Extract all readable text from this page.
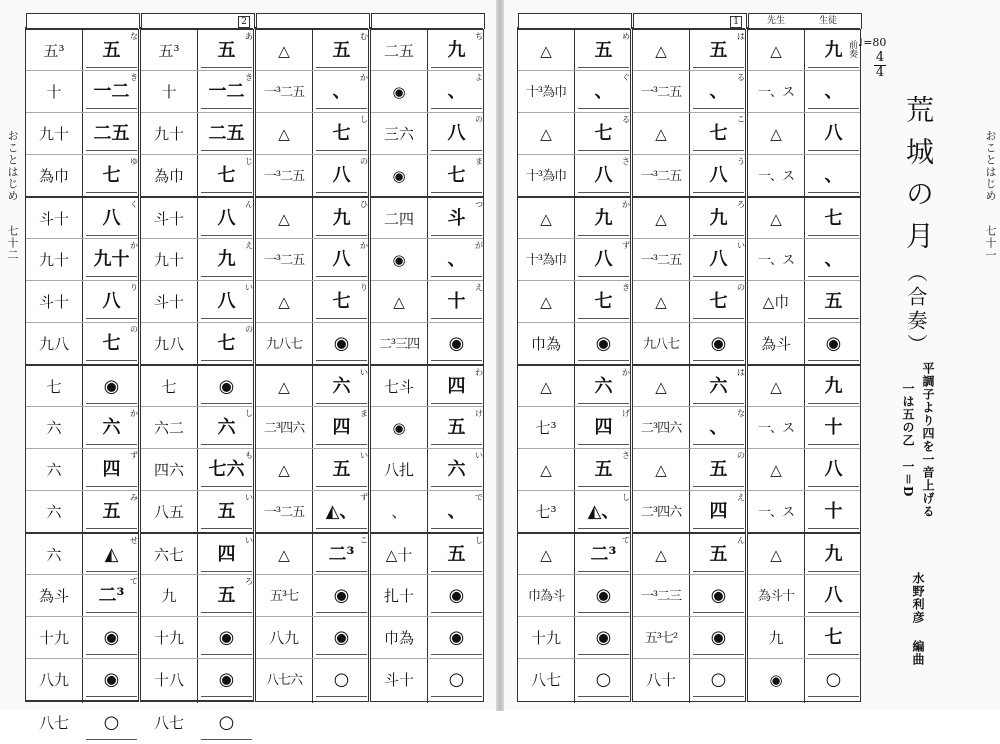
おことはじめ
七十二
おことはじめ
七十一
五³	五
な
十	一二
き
九十	二五
為巾	七
ゆ
斗十	八
く
九十	九十
か
斗十	八
り
九八	七
の
七	◉
六	六
か
六	四
ず
六	五
み
六	◭
せ
為斗	二³
て
十九	◉
八九	◉
八七	○
2
五³	五
あ
十	一二
き
九十	二五
為巾	七
じ
斗十	八
ん
九十	九
え
斗十	八
い
九八	七
の
七	◉
六二	六
し
四六	七六
も
八五	五
い
六七	四
い
九	五
ろ
十九	◉
十八	◉
八七	○
△	五
む
一³二五	、
か
△	七
し
一³二五	八
の
△	九
ひ
一³二五	八
か
△	七
り
九八七	◉
△	六
い
二³四六	四
ま
△	五
い
一³二五	◭、
ず
△	二³
こ
五³七	◉
八九	◉
八七六	○
二五	九
ち
◉	、
よ
三六	八
の
◉	七
ま
二四	斗
つ
◉	、
が
△	十
え
二³三四	◉
七斗	四
わ
◉	五
け
八扎	六
い
、	、
で
△十	五
し
扎十	◉
巾為	◉
斗十	○
△	五
め
十³為巾	、
ぐ
△	七
る
十³為巾	八
さ
△	九
か
十³為巾	八
ず
△	七
き
巾為	◉
△	六
か
七³	四
げ
△	五
さ
七³	◭、
し
△	二³
て
巾為斗	◉
十九	◉
八七	○
1
△	五
は
一³二五	、
る
△	七
こ
一³二五	八
う
△	九
ろ
一³二五	八
い
△	七
の
九八七	◉
△	六
は
二³四六	、
な
△	五
の
二³四六	四
え
△	五
ん
一³二三	◉
五³七²	◉
八十	○
先生	生徒
△	九
一、ス	、
△	八
一、ス	、
△	七
一、ス	、
△巾	五
為斗	◉
△	九
一、ス	十
△	八
一、ス	十
△	九
為斗十	八
九	七
◉	○
前奏 ♩=80
4
4
荒城の月
（合奏）
平調子より四を一音上げる
一は五の乙　一＝D
水野利彦
編曲
